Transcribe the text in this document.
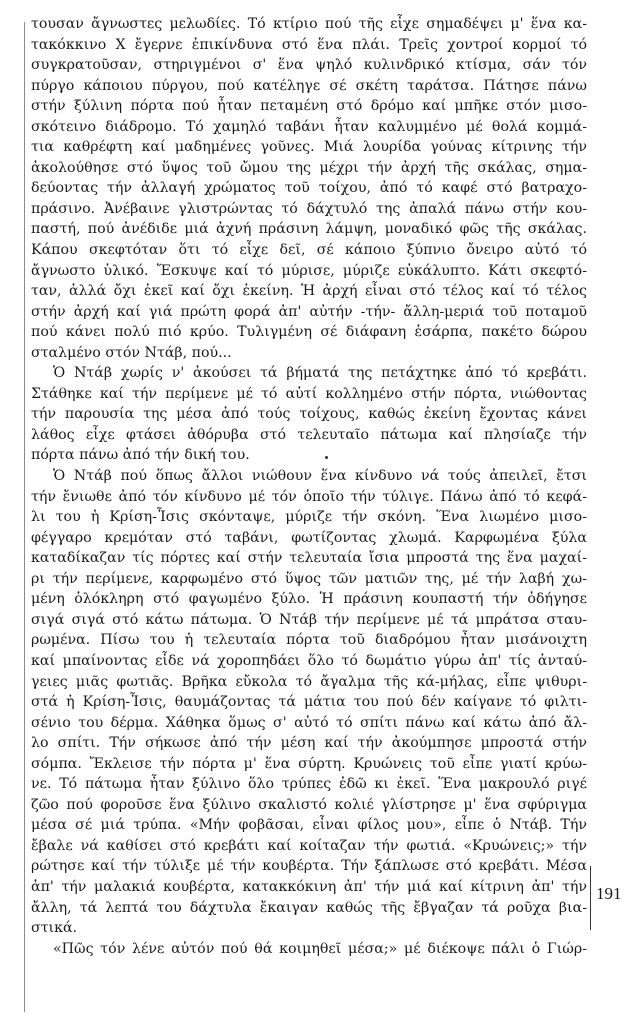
τουσαν ἄγνωστες μελωδίες. Τό κτίριο πού τῆς εἶχε σημαδέψει μ' ἕνα κα-
τακόκκινο Χ ἔγερνε ἐπικίνδυνα στό ἕνα πλάι. Τρεῖς χοντροί κορμοί τό
συγκρατοῦσαν, στηριγμένοι σ' ἕνα ψηλό κυλινδρικό κτίσμα, σάν τόν
πύργο κάποιου πύργου, πού κατέληγε σέ σκέτη ταράτσα. Πάτησε πάνω
στήν ξύλινη πόρτα πού ἦταν πεταμένη στό δρόμο καί μπῆκε στόν μισο-
σκότεινο διάδρομο. Τό χαμηλό ταβάνι ἦταν καλυμμένο μέ θολά κομμά-
τια καθρέφτη καί μαδημένες γοῦνες. Μιά λουρίδα γούνας κίτρινης τήν
ἀκολούθησε στό ὕψος τοῦ ὤμου της μέχρι τήν ἀρχή τῆς σκάλας, σημα-
δεύοντας τήν ἀλλαγή χρώματος τοῦ τοίχου, ἀπό τό καφέ στό βατραχο-
πράσινο. Ἀνέβαινε γλιστρώντας τό δάχτυλό της ἀπαλά πάνω στήν κου-
παστή, πού ἀνέδιδε μιά ἀχνή πράσινη λάμψη, μοναδικό φῶς τῆς σκάλας.
Κάπου σκεφτόταν ὅτι τό εἶχε δεῖ, σέ κάποιο ξύπνιο ὄνειρο αὐτό τό
ἄγνωστο ὑλικό. Ἔσκυψε καί τό μύρισε, μύριζε εὐκάλυπτο. Κάτι σκεφτό-
ταν, ἀλλά ὄχι ἐκεῖ καί ὄχι ἐκείνη. Ἡ ἀρχή εἶναι στό τέλος καί τό τέλος
στήν ἀρχή καί γιά πρώτη φορά ἀπ' αὐτήν -τήν- ἄλλη-μεριά τοῦ ποταμοῦ
πού κάνει πολύ πιό κρύο. Τυλιγμένη σέ διάφανη ἐσάρπα, πακέτο δώρου
σταλμένο στόν Ντάβ, πού...
Ὁ Ντάβ χωρίς ν' ἀκούσει τά βήματά της πετάχτηκε ἀπό τό κρεβάτι.
Στάθηκε καί τήν περίμενε μέ τό αὐτί κολλημένο στήν πόρτα, νιώθοντας
τήν παρουσία της μέσα ἀπό τούς τοίχους, καθώς ἐκείνη ἔχοντας κάνει
λάθος εἶχε φτάσει ἀθόρυβα στό τελευταῖο πάτωμα καί πλησίαζε τήν
πόρτα πάνω ἀπό τήν δική του.
Ὁ Ντάβ πού ὅπως ἄλλοι νιώθουν ἕνα κίνδυνο νά τούς ἀπειλεῖ, ἔτσι
τήν ἔνιωθε ἀπό τόν κίνδυνο μέ τόν ὁποῖο τήν τύλιγε. Πάνω ἀπό τό κεφά-
λι του ἡ Κρίση-Ἶσις σκόνταψε, μύριζε τήν σκόνη. Ἕνα λιωμένο μισο-
φέγγαρο κρεμόταν στό ταβάνι, φωτίζοντας χλωμά. Καρφωμένα ξύλα
καταδίκαζαν τίς πόρτες καί στήν τελευταία ἴσια μπροστά της ἕνα μαχαί-
ρι τήν περίμενε, καρφωμένο στό ὕψος τῶν ματιῶν της, μέ τήν λαβή χω-
μένη ὁλόκληρη στό φαγωμένο ξύλο. Ἡ πράσινη κουπαστή τήν ὁδήγησε
σιγά σιγά στό κάτω πάτωμα. Ὁ Ντάβ τήν περίμενε μέ τά μπράτσα σταυ-
ρωμένα. Πίσω του ἡ τελευταία πόρτα τοῦ διαδρόμου ἦταν μισάνοιχτη
καί μπαίνοντας εἶδε νά χοροπηδάει ὅλο τό δωμάτιο γύρω ἀπ' τίς ἀνταύ-
γειες μιᾶς φωτιᾶς. Βρῆκα εὔκολα τό ἄγαλμα τῆς κά-μήλας, εἶπε ψιθυρι-
στά ἡ Κρίση-Ἶσις, θαυμάζοντας τά μάτια του πού δέν καίγανε τό φιλτι-
σένιο του δέρμα. Χάθηκα ὅμως σ' αὐτό τό σπίτι πάνω καί κάτω ἀπό ἄλ-
λο σπίτι. Τήν σήκωσε ἀπό τήν μέση καί τήν ἀκούμπησε μπροστά στήν
σόμπα. Ἔκλεισε τήν πόρτα μ' ἕνα σύρτη. Κρυώνεις τοῦ εἶπε γιατί κρύω-
νε. Τό πάτωμα ἦταν ξύλινο ὅλο τρύπες ἐδῶ κι ἐκεῖ. Ἕνα μακρουλό ριγέ
ζῶο πού φοροῦσε ἕνα ξύλινο σκαλιστό κολιέ γλίστρησε μ' ἕνα σφύριγμα
μέσα σέ μιά τρύπα. «Μήν φοβᾶσαι, εἶναι φίλος μου», εἶπε ὁ Ντάβ. Τήν
ἔβαλε νά καθίσει στό κρεβάτι καί κοίταζαν τήν φωτιά. «Κρυώνεις;» τήν
ρώτησε καί τήν τύλιξε μέ τήν κουβέρτα. Τήν ξάπλωσε στό κρεβάτι. Μέσα
ἀπ' τήν μαλακιά κουβέρτα, κατακκόκινη ἀπ' τήν μιά καί κίτρινη ἀπ' τήν
ἄλλη, τά λεπτά του δάχτυλα ἔκαιγαν καθώς τῆς ἔβγαζαν τά ροῦχα βια-
στικά.
«Πῶς τόν λένε αὐτόν πού θά κοιμηθεῖ μέσα;» μέ διέκοψε πάλι ὁ Γιώρ-
191
